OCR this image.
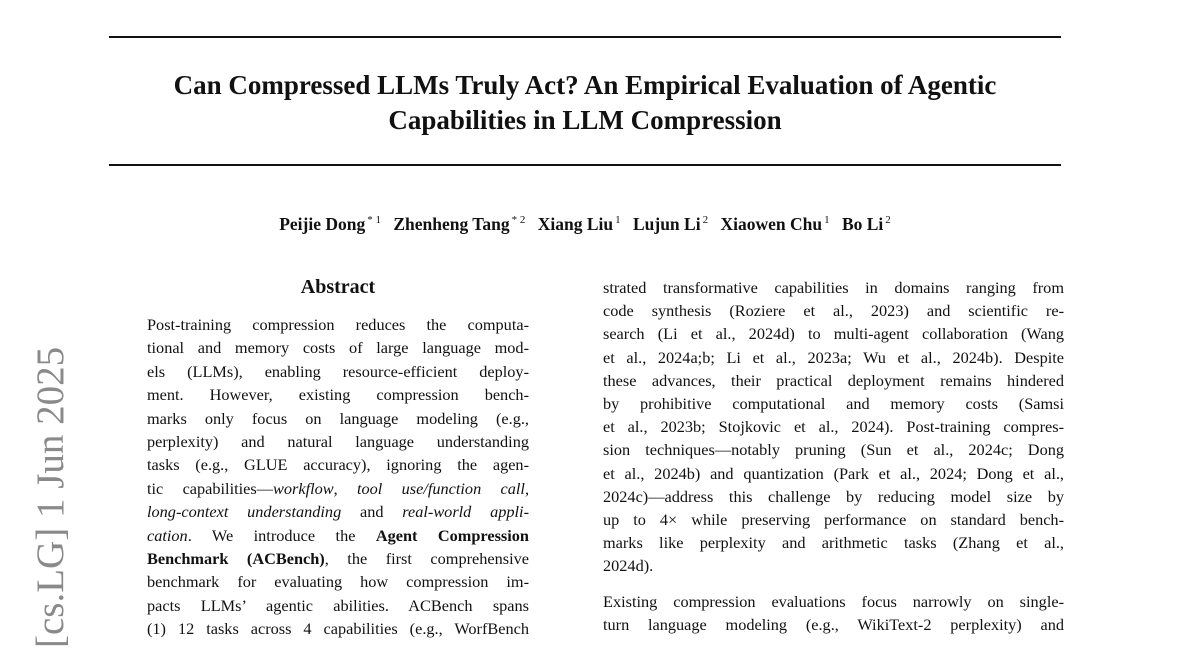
Can Compressed LLMs Truly Act? An Empirical Evaluation of Agentic
Capabilities in LLM Compression
Peijie Dong $^{* 1}$ Zhenheng Tang $^{* 2}$ Xiang Liu $^1$ Lujun Li $^2$ Xiaowen Chu $^1$ Bo Li $^2$
[cs.LG] 1 Jun 2025
Abstract
Post-training compression reduces the computa-
tional and memory costs of large language mod-
els (LLMs), enabling resource-efficient deploy-
ment. However, existing compression bench-
marks only focus on language modeling (e.g.,
perplexity) and natural language understanding
tasks (e.g., GLUE accuracy), ignoring the agen-
tic capabilities—workflow, tool use/function call,
long-context understanding and real-world appli-
cation. We introduce the Agent Compression
Benchmark (ACBench), the first comprehensive
benchmark for evaluating how compression im-
pacts LLMs’ agentic abilities. ACBench spans
(1) 12 tasks across 4 capabilities (e.g., WorfBench
strated transformative capabilities in domains ranging from
code synthesis (Roziere et al., 2023) and scientific re-
search (Li et al., 2024d) to multi-agent collaboration (Wang
et al., 2024a;b; Li et al., 2023a; Wu et al., 2024b). Despite
these advances, their practical deployment remains hindered
by prohibitive computational and memory costs (Samsi
et al., 2023b; Stojkovic et al., 2024). Post-training compres-
sion techniques—notably pruning (Sun et al., 2024c; Dong
et al., 2024b) and quantization (Park et al., 2024; Dong et al.,
2024c)—address this challenge by reducing model size by
up to 4× while preserving performance on standard bench-
marks like perplexity and arithmetic tasks (Zhang et al.,
2024d).
Existing compression evaluations focus narrowly on single-
turn language modeling (e.g., WikiText-2 perplexity) and
